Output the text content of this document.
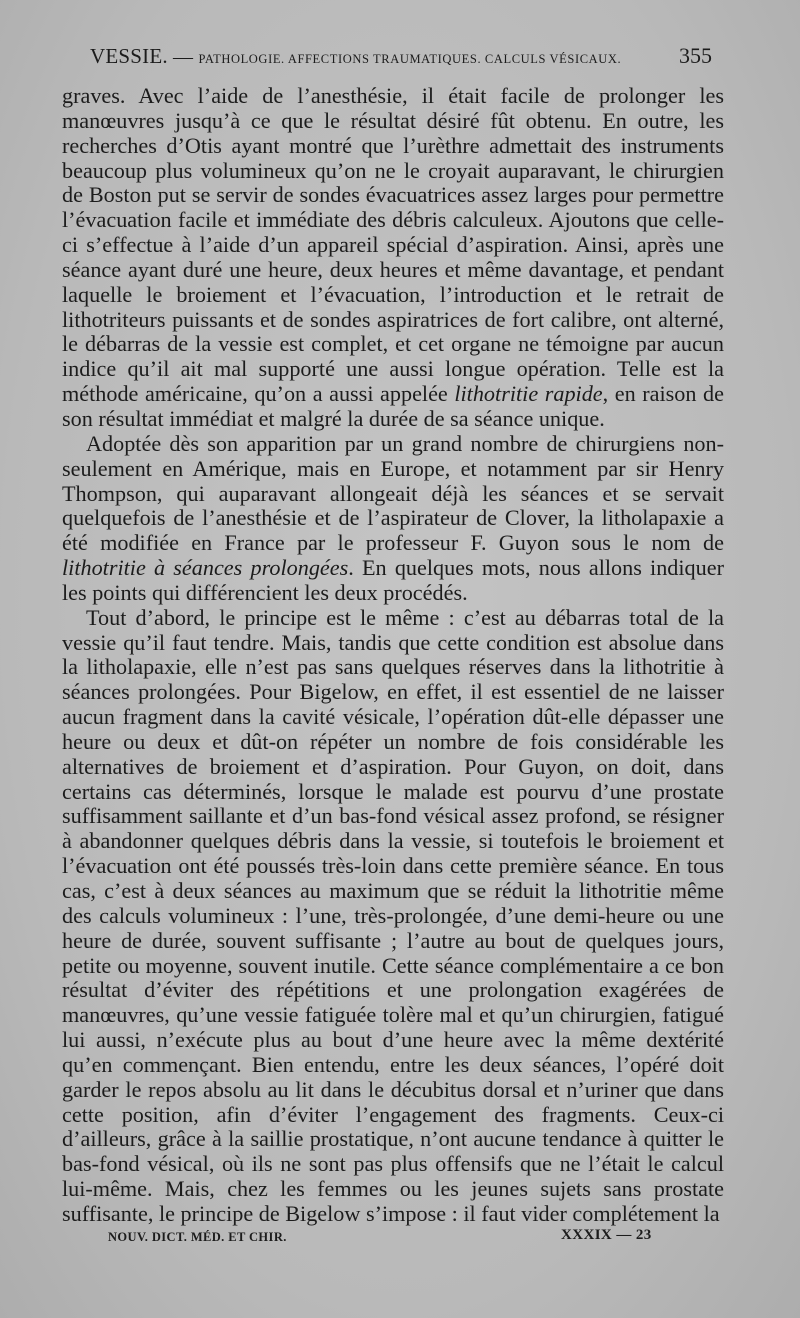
VESSIE. — PATHOLOGIE. AFFECTIONS TRAUMATIQUES. CALCULS VÉSICAUX.	355

graves. Avec l’aide de l’anesthésie, il était facile de prolonger les manœuvres jusqu’à ce que le résultat désiré fût obtenu. En outre, les recherches d’Otis ayant montré que l’urèthre admettait des instruments beaucoup plus volumineux qu’on ne le croyait auparavant, le chirurgien de Boston put se servir de sondes évacuatrices assez larges pour permettre l’évacuation facile et immédiate des débris calculeux. Ajoutons que celle-ci s’effectue à l’aide d’un appareil spécial d’aspiration. Ainsi, après une séance ayant duré une heure, deux heures et même davantage, et pendant laquelle le broiement et l’évacuation, l’introduction et le retrait de lithotriteurs puissants et de sondes aspiratrices de fort calibre, ont alterné, le débarras de la vessie est complet, et cet organe ne témoigne par aucun indice qu’il ait mal supporté une aussi longue opération. Telle est la méthode américaine, qu’on a aussi appelée lithotritie rapide, en raison de son résultat immédiat et malgré la durée de sa séance unique.

Adoptée dès son apparition par un grand nombre de chirurgiens non-seulement en Amérique, mais en Europe, et notamment par sir Henry Thompson, qui auparavant allongeait déjà les séances et se servait quelquefois de l’anesthésie et de l’aspirateur de Clover, la litholapaxie a été modifiée en France par le professeur F. Guyon sous le nom de lithotritie à séances prolongées. En quelques mots, nous allons indiquer les points qui différencient les deux procédés.

Tout d’abord, le principe est le même : c’est au débarras total de la vessie qu’il faut tendre. Mais, tandis que cette condition est absolue dans la litholapaxie, elle n’est pas sans quelques réserves dans la lithotritie à séances prolongées. Pour Bigelow, en effet, il est essentiel de ne laisser aucun fragment dans la cavité vésicale, l’opération dût-elle dépasser une heure ou deux et dût-on répéter un nombre de fois considérable les alternatives de broiement et d’aspiration. Pour Guyon, on doit, dans certains cas déterminés, lorsque le malade est pourvu d’une prostate suffisamment saillante et d’un bas-fond vésical assez profond, se résigner à abandonner quelques débris dans la vessie, si toutefois le broiement et l’évacuation ont été poussés très-loin dans cette première séance. En tous cas, c’est à deux séances au maximum que se réduit la lithotritie même des calculs volumineux : l’une, très-prolongée, d’une demi-heure ou une heure de durée, souvent suffisante ; l’autre au bout de quelques jours, petite ou moyenne, souvent inutile. Cette séance complémentaire a ce bon résultat d’éviter des répétitions et une prolongation exagérées de manœuvres, qu’une vessie fatiguée tolère mal et qu’un chirurgien, fatigué lui aussi, n’exécute plus au bout d’une heure avec la même dextérité qu’en commençant. Bien entendu, entre les deux séances, l’opéré doit garder le repos absolu au lit dans le décubitus dorsal et n’uriner que dans cette position, afin d’éviter l’engagement des fragments. Ceux-ci d’ailleurs, grâce à la saillie prostatique, n’ont aucune tendance à quitter le bas-fond vésical, où ils ne sont pas plus offensifs que ne l’était le calcul lui-même. Mais, chez les femmes ou les jeunes sujets sans prostate suffisante, le principe de Bigelow s’impose : il faut vider complétement la

NOUV. DICT. MÉD. ET CHIR.	XXXIX — 23
